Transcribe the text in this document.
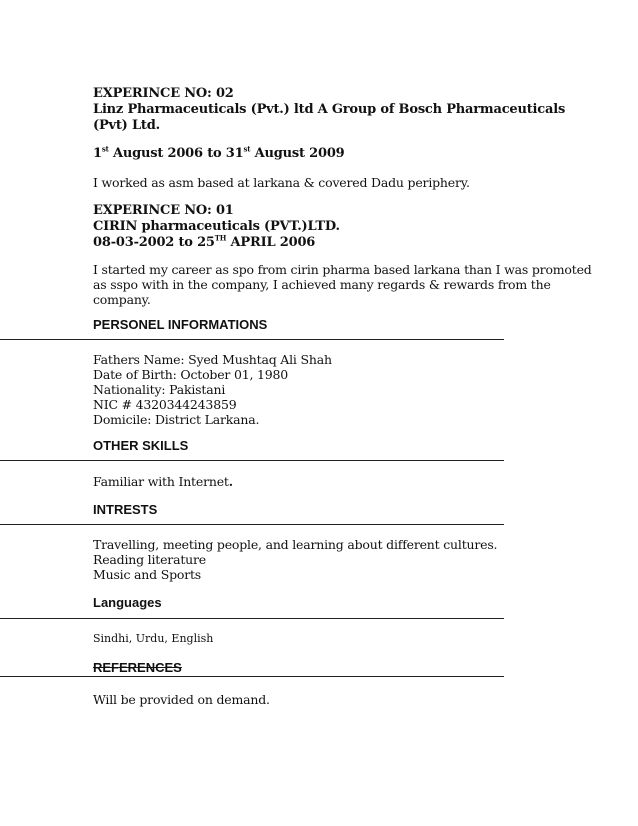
EXPERINCE NO: 02
Linz Pharmaceuticals (Pvt.) ltd A Group of Bosch Pharmaceuticals
(Pvt) Ltd.
1st August 2006 to 31st August 2009
I worked as asm based at larkana & covered Dadu periphery.
EXPERINCE NO: 01
CIRIN pharmaceuticals (PVT.)LTD.
08-03-2002 to 25TH APRIL 2006
I started my career as spo from cirin pharma based larkana than I was promoted
as sspo with in the company, I achieved many regards & rewards from the
company.
PERSONEL INFORMATIONS
Fathers Name: Syed Mushtaq Ali Shah
Date of Birth: October 01, 1980
Nationality: Pakistani
NIC # 4320344243859
Domicile: District Larkana.
OTHER SKILLS
Familiar with Internet.
INTRESTS
Travelling, meeting people, and learning about different cultures.
Reading literature
Music and Sports
Languages
Sindhi, Urdu, English
REFERENCES
Will be provided on demand.
